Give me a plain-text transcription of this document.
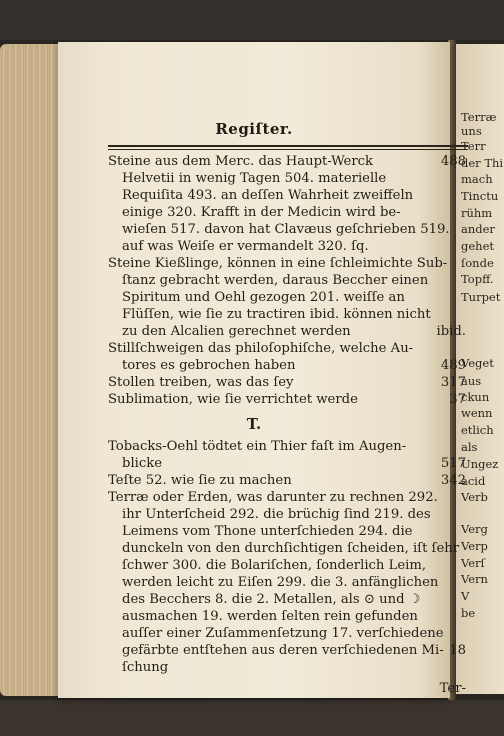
Terræ
uns
Terr
der Thi
mach
Tinctu
rühm
ander
gehet
ſonde
Topff.
Turpet
Veget
aus
ckun
wenn
etlich
als
Ungez
acid
Verb
Verg
Verp
Verſ
Vern
V
be
Regiſter.
Steine aus dem Merc. das Haupt-Werck	488
Helvetii in wenig Tagen 504. materielle
Requiſita 493. an deſſen Wahrheit zweiffeln
einige 320. Krafft in der Medicin wird be-
wieſen 517. davon hat Clavæus geſchrieben 519.
auf was Weiſe er vermandelt 320. ſq.
Steine Kießlinge, können in eine ſchleimichte Sub-
ſtanz gebracht werden, daraus Beccher einen
Spiritum und Oehl gezogen 201. weiſſe an
Flüſſen, wie ſie zu tractiren ibid. können nicht
zu den Alcalien gerechnet werden	ibid.
Stillſchweigen das philoſophiſche, welche Au-
tores es gebrochen haben	489
Stollen treiben, was das ſey	317
Sublimation, wie ſie verrichtet werde	37
T.
Tobacks-Oehl tödtet ein Thier faſt im Augen-
blicke	517
Teſte 52. wie ſie zu machen	342
Terræ oder Erden, was darunter zu rechnen 292.
ihr Unterſcheid 292. die brüchig ſind 219. des
Leimens vom Thone unterſchieden 294. die
dunckeln von den durchſichtigen ſcheiden, iſt ſehr
ſchwer 300. die Bolariſchen, ſonderlich Leim,
werden leicht zu Eiſen 299. die 3. anfänglichen
des Becchers 8. die 2. Metallen, als ⊙ und ☽
ausmachen 19. werden ſelten rein gefunden
auſſer einer Zuſammenſetzung 17. verſchiedene
gefärbte entſtehen aus deren verſchiedenen Mi- 18
ſchung
Ter-
